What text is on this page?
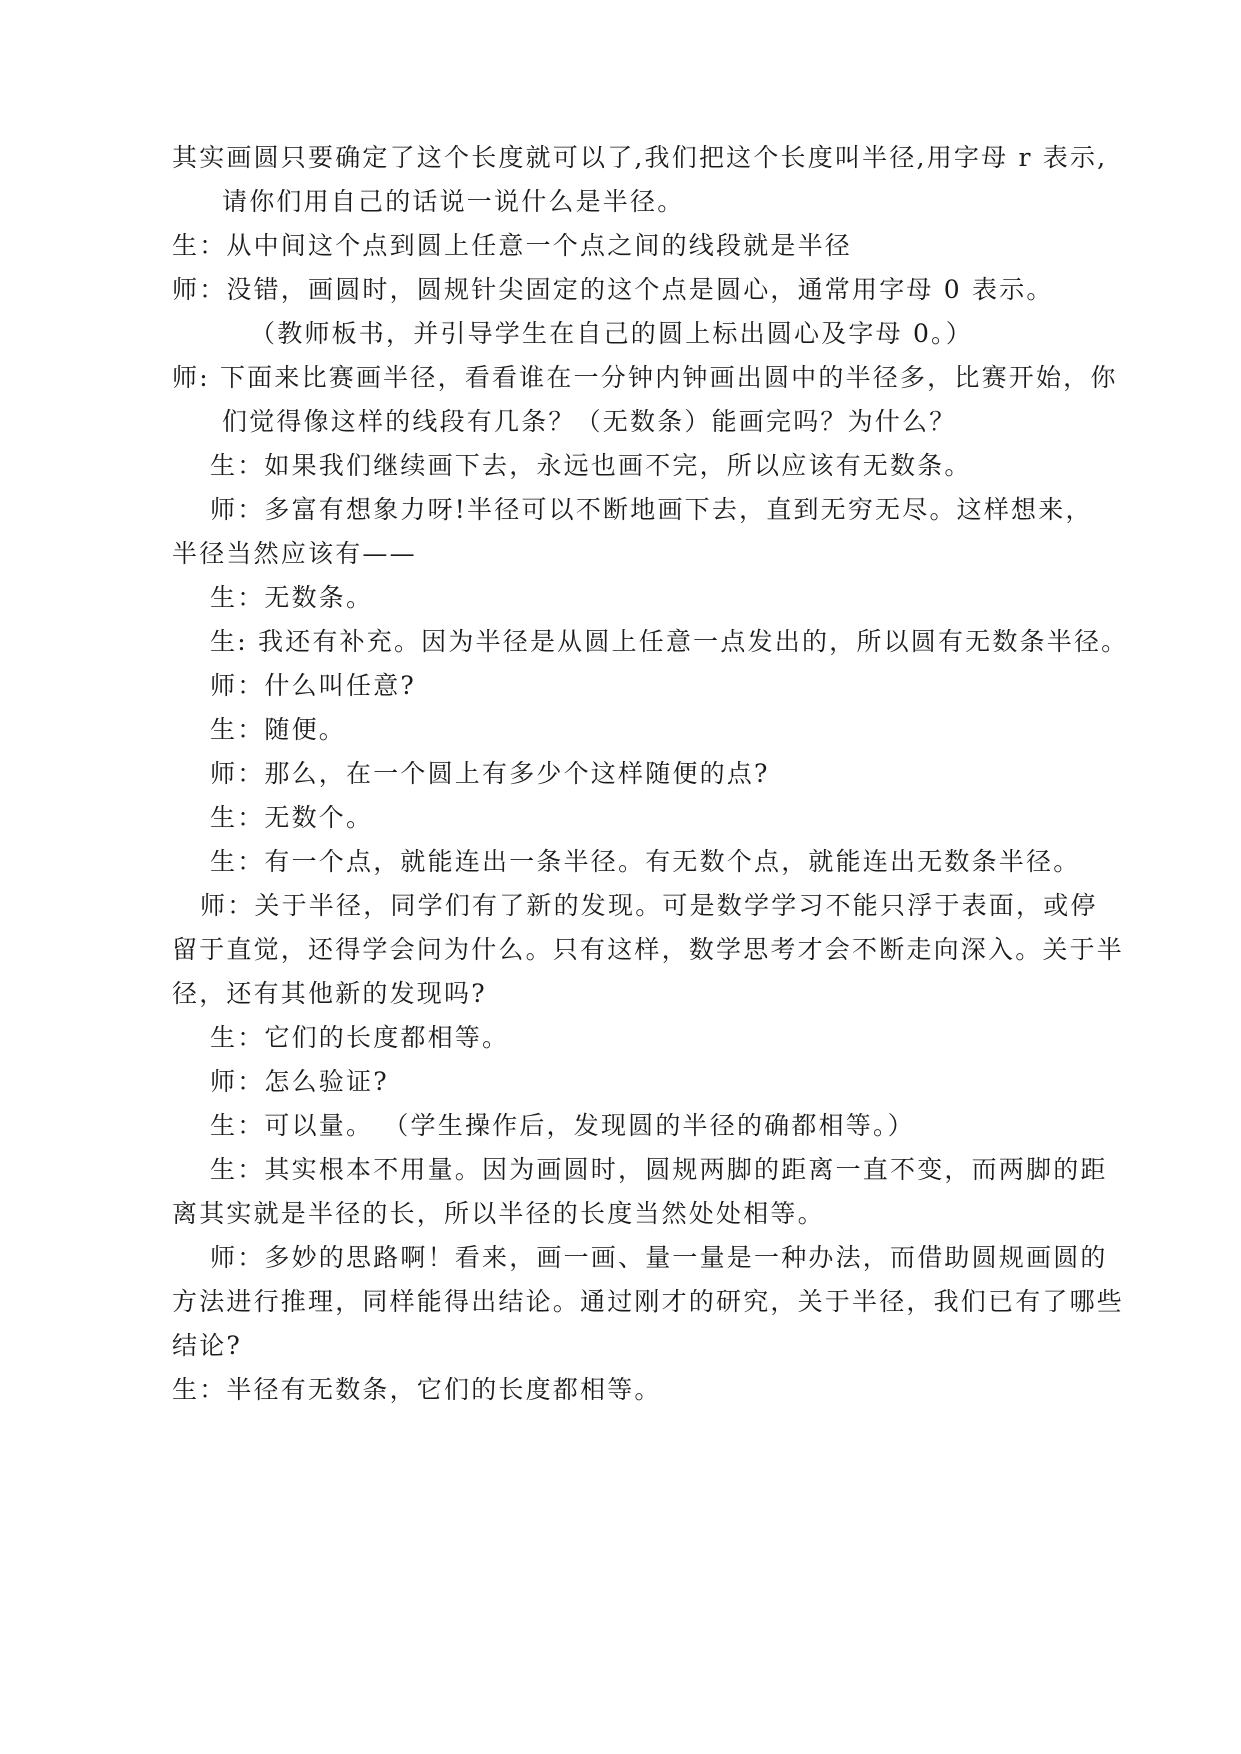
其实画圆只要确定了这个长度就可以了,我们把这个长度叫半径,用字母 r 表示,
请你们用自己的话说一说什么是半径。
生：从中间这个点到圆上任意一个点之间的线段就是半径
师：没错，画圆时，圆规针尖固定的这个点是圆心，通常用字母 0 表示。
（教师板书，并引导学生在自己的圆上标出圆心及字母 0。）
师: 下面来比赛画半径，看看谁在一分钟内钟画出圆中的半径多，比赛开始，你
们觉得像这样的线段有几条？（无数条）能画完吗？为什么？
生：如果我们继续画下去，永远也画不完，所以应该有无数条。
师：多富有想象力呀!半径可以不断地画下去，直到无穷无尽。这样想来，
半径当然应该有——
生：无数条。
生: 我还有补充。因为半径是从圆上任意一点发出的，所以圆有无数条半径。
师：什么叫任意?
生：随便。
师：那么，在一个圆上有多少个这样随便的点?
生：无数个。
生：有一个点，就能连出一条半径。有无数个点，就能连出无数条半径。
师：关于半径，同学们有了新的发现。可是数学学习不能只浮于表面，或停
留于直觉，还得学会问为什么。只有这样，数学思考才会不断走向深入。关于半
径，还有其他新的发现吗?
生：它们的长度都相等。
师：怎么验证?
生：可以量。 （学生操作后，发现圆的半径的确都相等。）
生：其实根本不用量。因为画圆时，圆规两脚的距离一直不变，而两脚的距
离其实就是半径的长，所以半径的长度当然处处相等。
师：多妙的思路啊！看来，画一画、量一量是一种办法，而借助圆规画圆的
方法进行推理，同样能得出结论。通过刚才的研究，关于半径，我们已有了哪些
结论?
生：半径有无数条，它们的长度都相等。
